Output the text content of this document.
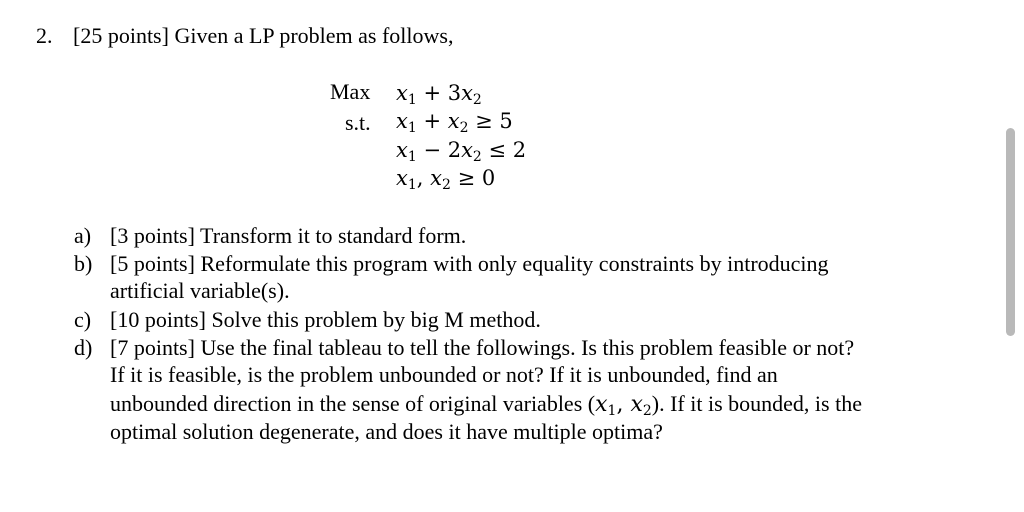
2. [25 points] Given a LP problem as follows,
Max
s.t.
$x_1 + 3x_2$
$x_1 + x_2 \ge 5$
$x_1 - 2x_2 \le 2$
$x_1$, $x_2 \ge 0$
a) [3 points] Transform it to standard form.
b) [5 points] Reformulate this program with only equality constraints by introducing
artificial variable(s).
c) [10 points] Solve this problem by big M method.
d) [7 points] Use the final tableau to tell the followings. Is this problem feasible or not?
If it is feasible, is the problem unbounded or not? If it is unbounded, find an
unbounded direction in the sense of original variables ($x_1$, $x_2$). If it is bounded, is the
optimal solution degenerate, and does it have multiple optima?
